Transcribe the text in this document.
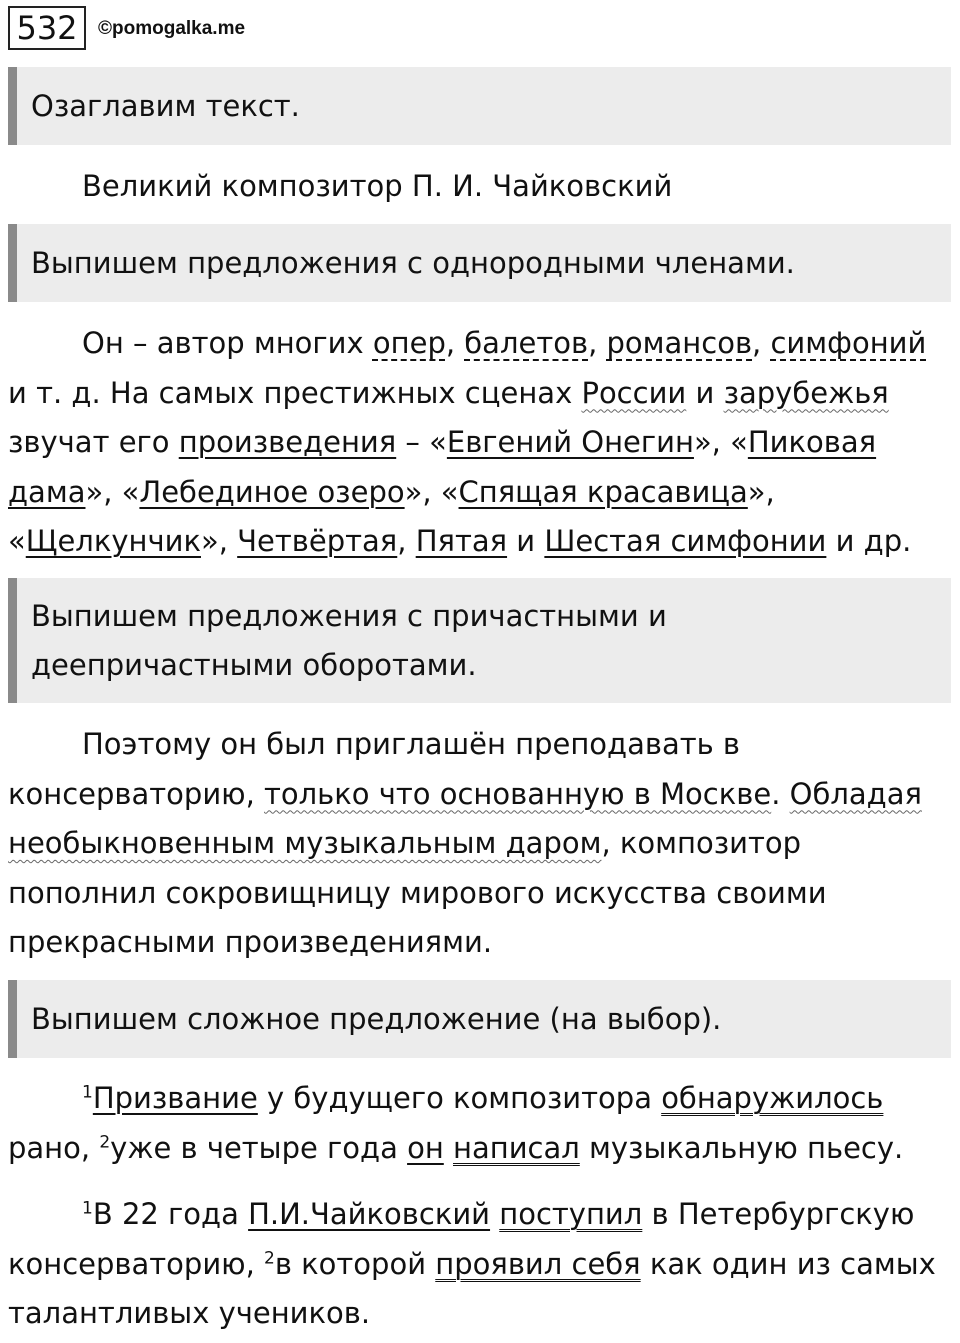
532	©pomogalka.me
Озаглавим текст.
Великий композитор П. И. Чайковский
Выпишем предложения с однородными членами.
Он – автор многих опер, балетов, романсов, симфоний
и т. д. На самых престижных сценах России и зарубежья
звучат его произведения – «Евгений Онегин», «Пиковая
дама», «Лебединое озеро», «Спящая красавица»,
«Щелкунчик», Четвёртая, Пятая и Шестая симфонии и др.
Выпишем предложения с причастными и
деепричастными оборотами.
Поэтому он был приглашён преподавать в
консерваторию, только что основанную в Москве. Обладая
необыкновенным музыкальным даром, композитор
пополнил сокровищницу мирового искусства своими
прекрасными произведениями.
Выпишем сложное предложение (на выбор).
$^1$Призвание у будущего композитора обнаружилось
рано, $^2$уже в четыре года он написал музыкальную пьесу.
$^1$В 22 года П.И.Чайковский поступил в Петербургскую
консерваторию, $^2$в которой проявил себя как один из самых
талантливых учеников.
